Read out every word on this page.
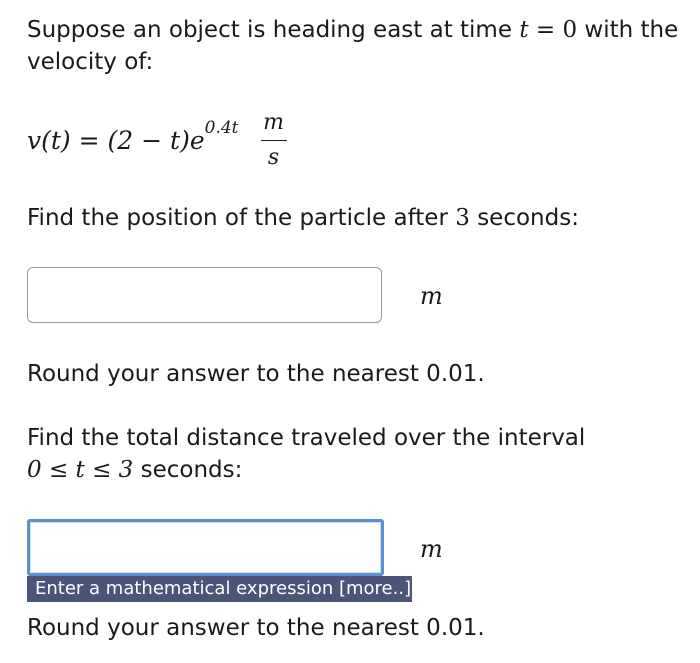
Suppose an object is heading east at time t = 0 with the
velocity of:
v(t) = (2 − t)e $0.4t \frac{m}{s}$
Find the position of the particle after 3 seconds:
m
Round your answer to the nearest 0.01.
Find the total distance traveled over the interval
0 ≤ t ≤ 3 seconds:
m
Enter a mathematical expression [more..]
Round your answer to the nearest 0.01.
